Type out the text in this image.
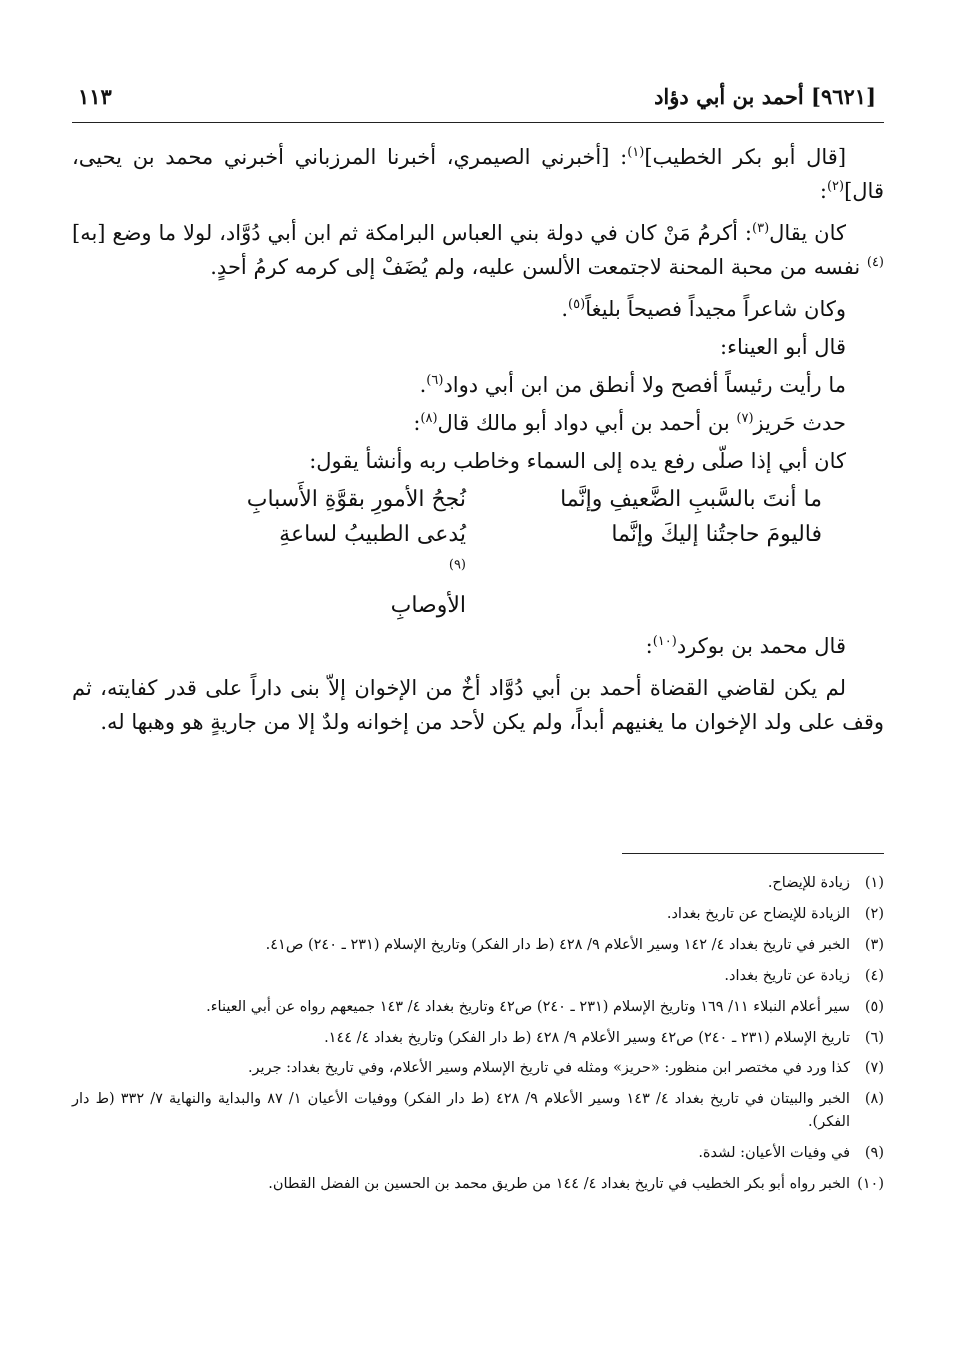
[٩٦٢١] أحمد بن أبي دؤاد
١١٣

[قال أبو بكر الخطيب]$^{(١)}$: [أخبرني الصيمري، أخبرنا المرزباني أخبرني محمد بن يحيى، قال]$^{(٢)}$:

كان يقال$^{(٣)}$: أكرمُ مَنْ كان في دولة بني العباس البرامكة ثم ابن أبي دُوَّاد، لولا ما وضع [به]$^{(٤)}$ نفسه من محبة المحنة لاجتمعت الألسن عليه، ولم يُضَفْ إلى كرمه كرمُ أحدٍ.

وكان شاعراً مجيداً فصيحاً بليغاً$^{(٥)}$.

قال أبو العيناء:

ما رأيت رئيساً أفصح ولا أنطق من ابن أبي دواد$^{(٦)}$.

حدث حَريز$^{(٧)}$ بن أحمد بن أبي دواد أبو مالك قال$^{(٨)}$:

كان أبي إذا صلّى رفع يده إلى السماء وخاطب ربه وأنشأ يقول:

ما أنتَ بالسَّببِ الضَّعيفِ وإنَّما
نُجحُ الأمورِ بقوَّةِ الأَسبابِ
فاليومَ حاجتُنا إليكَ وإنَّما
يُدعى الطبيبُ لساعةِ
$^{(٩)}$
الأوصابِ

قال محمد بن بوكرد$^{(١٠)}$:

لم يكن لقاضي القضاة أحمد بن أبي دُوَّاد أخٌ من الإخوان إلاّ بنى داراً على قدر كفايته، ثم وقف على ولد الإخوان ما يغنيهم أبداً، ولم يكن لأحد من إخوانه ولدٌ إلا من جاريةٍ هو وهبها له.

(١)
زيادة للإيضاح.
(٢)
الزيادة للإيضاح عن تاريخ بغداد.
(٣)
الخبر في تاريخ بغداد ٤/ ١٤٢ وسير الأعلام ٩/ ٤٢٨ (ط دار الفكر) وتاريخ الإسلام (٢٣١ ـ ٢٤٠) ص٤١.
(٤)
زيادة عن تاريخ بغداد.
(٥)
سير أعلام النبلاء ١١/ ١٦٩ وتاريخ الإسلام (٢٣١ ـ ٢٤٠) ص٤٢ وتاريخ بغداد ٤/ ١٤٣ جميعهم رواه عن أبي العيناء.
(٦)
تاريخ الإسلام (٢٣١ ـ ٢٤٠) ص٤٢ وسير الأعلام ٩/ ٤٢٨ (ط دار الفكر) وتاريخ بغداد ٤/ ١٤٤.
(٧)
كذا ورد في مختصر ابن منظور: «حريز» ومثله في تاريخ الإسلام وسير الأعلام، وفي تاريخ بغداد: جرير.
(٨)
الخبر والبيتان في تاريخ بغداد ٤/ ١٤٣ وسير الأعلام ٩/ ٤٢٨ (ط دار الفكر) ووفيات الأعيان ١/ ٨٧ والبداية والنهاية ٧/ ٣٣٢ (ط دار الفكر).
(٩)
في وفيات الأعيان: لشدة.
(١٠)
الخبر رواه أبو بكر الخطيب في تاريخ بغداد ٤/ ١٤٤ من طريق محمد بن الحسين بن الفضل القطان.
